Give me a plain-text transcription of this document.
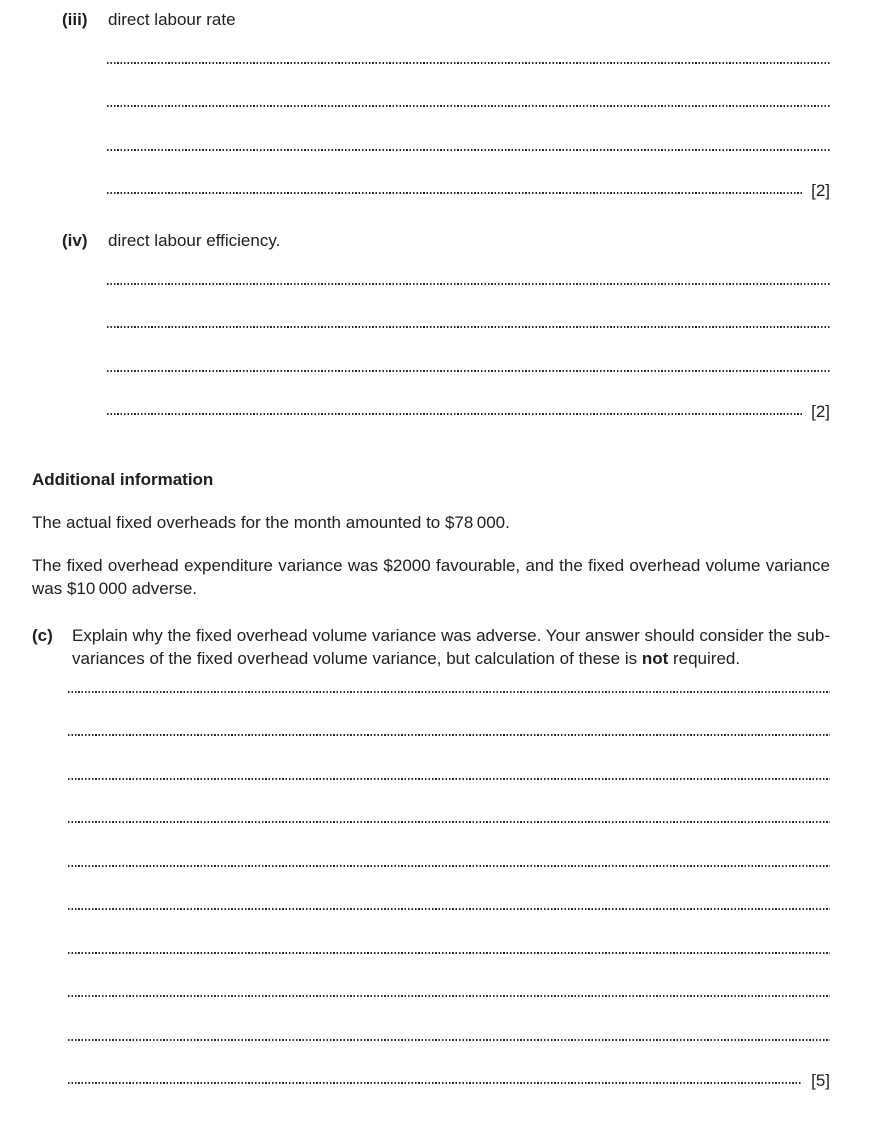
(iii)	direct labour rate
[2]
(iv)	direct labour efficiency.
[2]
Additional information

The actual fixed overheads for the month amounted to $78 000.

The fixed overhead expenditure variance was $2000 favourable, and the fixed overhead volume variance was $10 000 adverse.

(c)	Explain why the fixed overhead volume variance was adverse. Your answer should consider the sub-variances of the fixed overhead volume variance, but calculation of these is not required.

[5]
